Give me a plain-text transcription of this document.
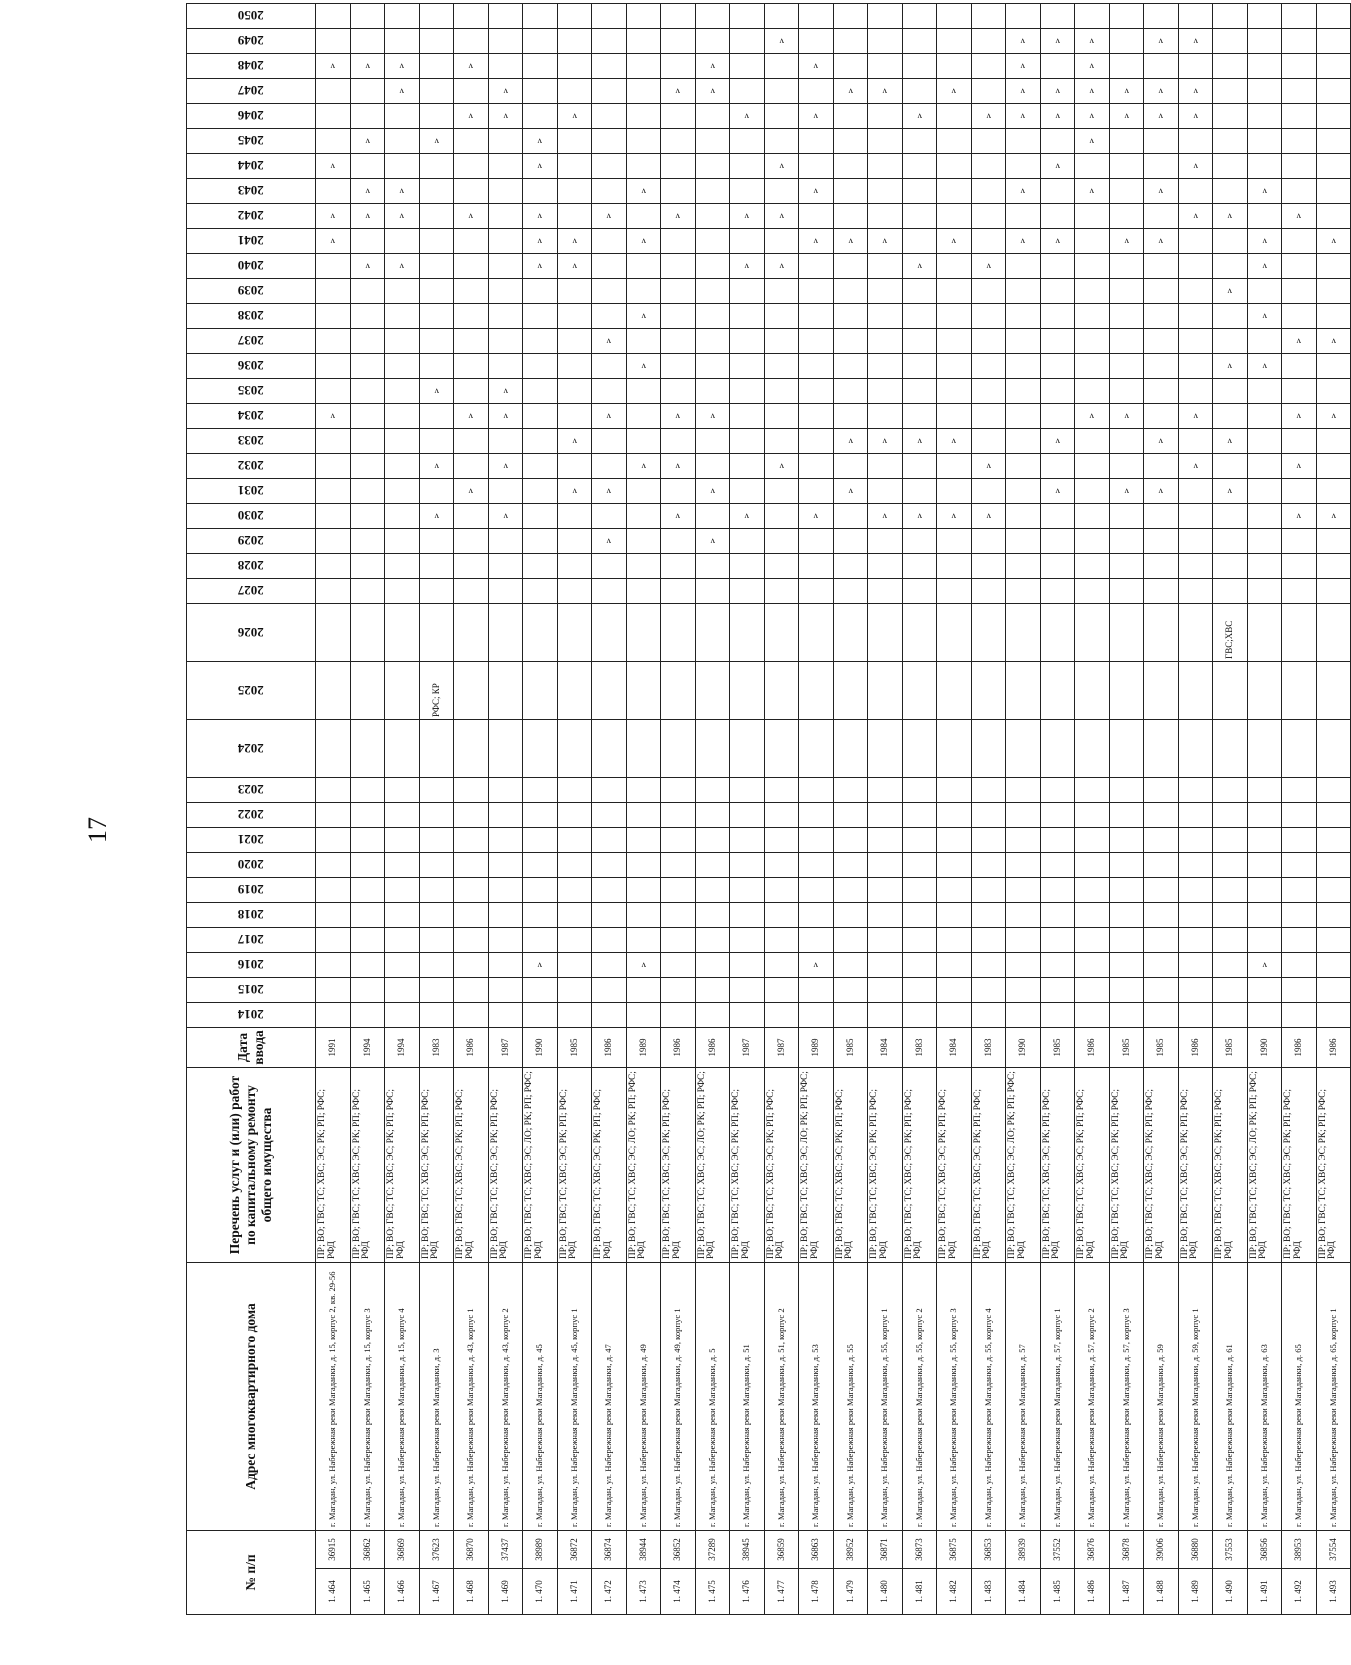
17
№ п/п		Адрес многоквартирного дома	Перечень услуг и (или) работ по капитальному ремонту общего имущества	Дата ввода	2014	2015	2016	2017	2018	2019	2020	2021	2022	2023	2024	2025	2026	2027	2028	2029	2030	2031	2032	2033	2034	2035	2036	2037	2038	2039	2040	2041	2042	2043	2044	2045	2046	2047	2048	2049	2050
1. 464	36915	г. Магадан, ул. Набережная реки Магаданки, д. 15, корпус 2, кв. 29-56	ПР; ВО; ГВС; ТС; ХВС; ЭС; РК; РП; РФС; РФД	1991																					v							v	v		v				v		
1. 465	36862	г. Магадан, ул. Набережная реки Магаданки, д. 15, корпус 3	ПР; ВО; ГВС; ТС; ХВС; ЭС; РК; РП; РФС; РФД	1994																											v		v	v		v			v		
1. 466	36869	г. Магадан, ул. Набережная реки Магаданки, д. 15, корпус 4	ПР; ВО; ГВС; ТС; ХВС; ЭС; РК; РП; РФС; РФД	1994																											v		v	v				v	v		
1. 467	37623	г. Магадан, ул. Набережная реки Магаданки, д. 3	ПР; ВО; ГВС; ТС; ХВС; ЭС; РК; РП; РФС; РФД	1983												РФС; КР					v		v			v										v					
1. 468	36870	г. Магадан, ул. Набережная реки Магаданки, д. 43, корпус 1	ПР; ВО; ГВС; ТС; ХВС; ЭС; РК; РП; РФС; РФД	1986																		v			v								v				v		v		
1. 469	37437	г. Магадан, ул. Набережная реки Магаданки, д. 43, корпус 2	ПР; ВО; ГВС; ТС; ХВС; ЭС; РК; РП; РФС; РФД	1987																	v		v		v	v											v	v			
1. 470	38989	г. Магадан, ул. Набережная реки Магаданки, д. 45	ПР; ВО; ГВС; ТС; ХВС; ЭС; ЛО; РК; РП; РФС; РФД	1990			v																								v	v	v		v	v					
1. 471	36872	г. Магадан, ул. Набережная реки Магаданки, д. 45, корпус 1	ПР; ВО; ГВС; ТС; ХВС; ЭС; РК; РП; РФС; РФД	1985																		v		v							v	v					v				
1. 472	36874	г. Магадан, ул. Набережная реки Магаданки, д. 47	ПР; ВО; ГВС; ТС; ХВС; ЭС; РК; РП; РФС; РФД	1986																v		v			v			v					v								
1. 473	38944	г. Магадан, ул. Набережная реки Магаданки, д. 49	ПР; ВО; ГВС; ТС; ХВС; ЭС; ЛО; РК; РП; РФС; РФД	1989			v																v				v		v			v		v							
1. 474	36852	г. Магадан, ул. Набережная реки Магаданки, д. 49, корпус 1	ПР; ВО; ГВС; ТС; ХВС; ЭС; РК; РП; РФС; РФД	1986																	v		v		v								v					v			
1. 475	37289	г. Магадан, ул. Набережная реки Магаданки, д. 5	ПР; ВО; ГВС; ТС; ХВС; ЭС; ЛО; РК; РП; РФС; РФД	1986																v		v			v													v	v		
1. 476	38945	г. Магадан, ул. Набережная реки Магаданки, д. 51	ПР; ВО; ГВС; ТС; ХВС; ЭС; РК; РП; РФС; РФД	1987																	v										v		v				v				
1. 477	36859	г. Магадан, ул. Набережная реки Магаданки, д. 51, корпус 2	ПР; ВО; ГВС; ТС; ХВС; ЭС; РК; РП; РФС; РФД	1987																			v								v		v		v					v	
1. 478	36863	г. Магадан, ул. Набережная реки Магаданки, д. 53	ПР; ВО; ГВС; ТС; ХВС; ЭС; ЛО; РК; РП; РФС; РФД	1989			v														v											v		v			v		v		
1. 479	38952	г. Магадан, ул. Набережная реки Магаданки, д. 55	ПР; ВО; ГВС; ТС; ХВС; ЭС; РК; РП; РФС; РФД	1985																		v		v								v						v			
1. 480	36871	г. Магадан, ул. Набережная реки Магаданки, д. 55, корпус 1	ПР; ВО; ГВС; ТС; ХВС; ЭС; РК; РП; РФС; РФД	1984																	v			v								v						v			
1. 481	36873	г. Магадан, ул. Набережная реки Магаданки, д. 55, корпус 2	ПР; ВО; ГВС; ТС; ХВС; ЭС; РК; РП; РФС; РФД	1983																	v			v							v						v				
1. 482	36875	г. Магадан, ул. Набережная реки Магаданки, д. 55, корпус 3	ПР; ВО; ГВС; ТС; ХВС; ЭС; РК; РП; РФС; РФД	1984																	v			v								v						v			
1. 483	36853	г. Магадан, ул. Набережная реки Магаданки, д. 55, корпус 4	ПР; ВО; ГВС; ТС; ХВС; ЭС; РК; РП; РФС; РФД	1983																	v		v								v						v				
1. 484	38939	г. Магадан, ул. Набережная реки Магаданки, д. 57	ПР; ВО; ГВС; ТС; ХВС; ЭС; ЛО; РК; РП; РФС; РФД	1990																												v		v			v	v	v	v	
1. 485	37552	г. Магадан, ул. Набережная реки Магаданки, д. 57, корпус 1	ПР; ВО; ГВС; ТС; ХВС; ЭС; РК; РП; РФС; РФД	1985																		v		v								v			v		v	v		v	
1. 486	36876	г. Магадан, ул. Набережная реки Магаданки, д. 57, корпус 2	ПР; ВО; ГВС; ТС; ХВС; ЭС; РК; РП; РФС; РФД	1986																					v									v		v	v	v	v	v	
1. 487	36878	г. Магадан, ул. Набережная реки Магаданки, д. 57, корпус 3	ПР; ВО; ГВС; ТС; ХВС; ЭС; РК; РП; РФС; РФД	1985																		v			v							v					v	v			
1. 488	39006	г. Магадан, ул. Набережная реки Магаданки, д. 59	ПР; ВО; ГВС; ТС; ХВС; ЭС; РК; РП; РФС; РФД	1985																		v		v								v		v			v	v		v	
1. 489	36880	г. Магадан, ул. Набережная реки Магаданки, д. 59, корпус 1	ПР; ВО; ГВС; ТС; ХВС; ЭС; РК; РП; РФС; РФД	1986																			v		v								v		v		v	v		v	
1. 490	37553	г. Магадан, ул. Набережная реки Магаданки, д. 61	ПР; ВО; ГВС; ТС; ХВС; ЭС; РК; РП; РФС; РФД	1985													ГВС;ХВС					v		v			v			v			v								
1. 491	36856	г. Магадан, ул. Набережная реки Магаданки, д. 63	ПР; ВО; ГВС; ТС; ХВС; ЭС; ЛО; РК; РП; РФС; РФД	1990			v																				v		v		v	v		v							
1. 492	38953	г. Магадан, ул. Набережная реки Магаданки, д. 65	ПР; ВО; ГВС; ТС; ХВС; ЭС; РК; РП; РФС; РФД	1986																	v		v		v			v					v								
1. 493	37554	г. Магадан, ул. Набережная реки Магаданки, д. 65, корпус 1	ПР; ВО; ГВС; ТС; ХВС; ЭС; РК; РП; РФС; РФД	1986																	v				v			v				v									
